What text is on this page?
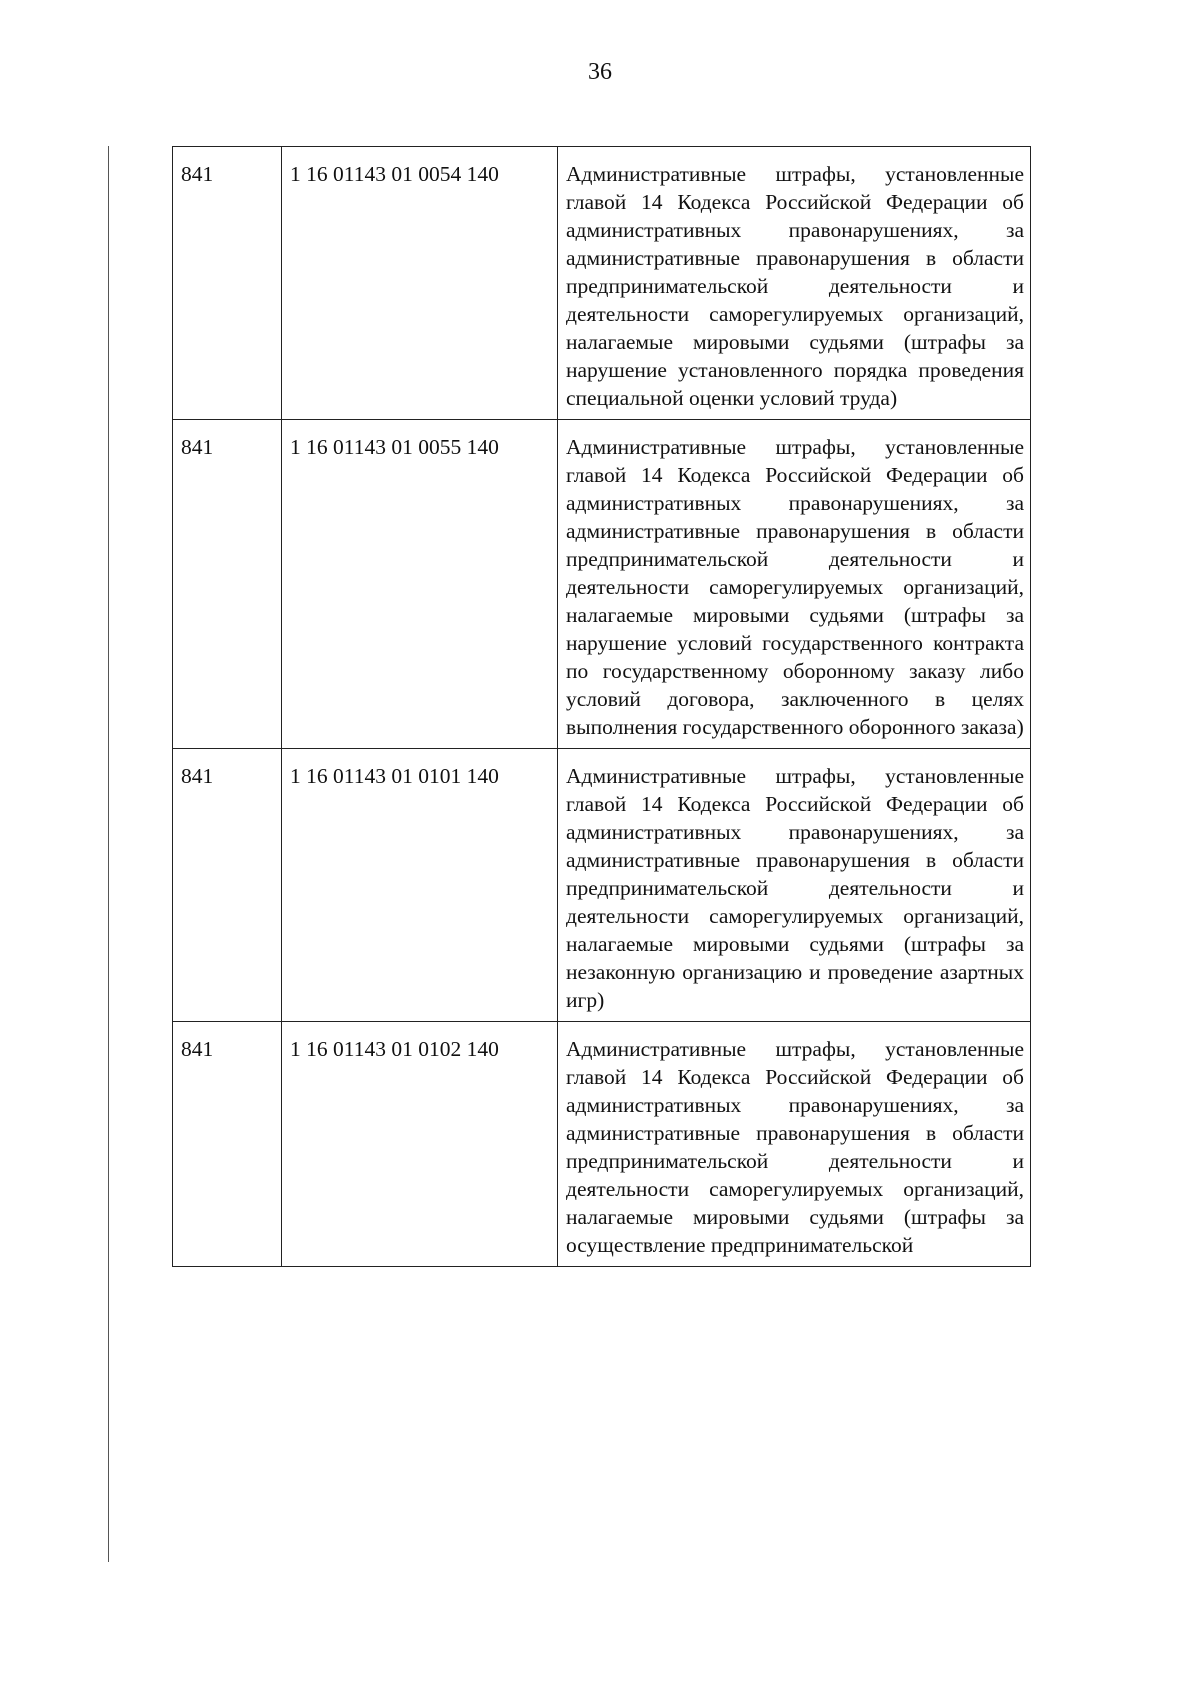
36
841	1 16 01143 01 0054 140	Административные штрафы, установленные главой 14 Кодекса Российской Федерации об административных правонарушениях, за административные правонарушения в области предпринимательской деятельности и деятельности саморегулируемых организаций, налагаемые мировыми судьями (штрафы за нарушение установленного порядка проведения специальной оценки условий труда)
841	1 16 01143 01 0055 140	Административные штрафы, установленные главой 14 Кодекса Российской Федерации об административных правонарушениях, за административные правонарушения в области предпринимательской деятельности и деятельности саморегулируемых организаций, налагаемые мировыми судьями (штрафы за нарушение условий государственного контракта по государственному оборонному заказу либо условий договора, заключенного в целях выполнения государственного оборонного заказа)
841	1 16 01143 01 0101 140	Административные штрафы, установленные главой 14 Кодекса Российской Федерации об административных правонарушениях, за административные правонарушения в области предпринимательской деятельности и деятельности саморегулируемых организаций, налагаемые мировыми судьями (штрафы за незаконную организацию и проведение азартных игр)
841	1 16 01143 01 0102 140	Административные штрафы, установленные главой 14 Кодекса Российской Федерации об административных правонарушениях, за административные правонарушения в области предпринимательской деятельности и деятельности саморегулируемых организаций, налагаемые мировыми судьями (штрафы за осуществление предпринимательской
